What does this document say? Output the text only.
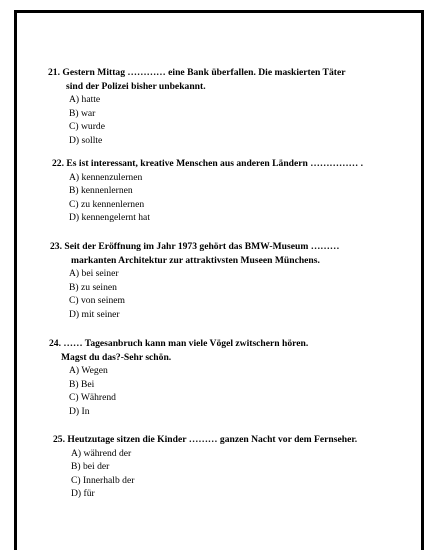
21. Gestern Mittag ………… eine Bank überfallen. Die maskierten Täter
sind der Polizei bisher unbekannt.
A) hatte
B) war
C) wurde
D) sollte
22. Es ist interessant, kreative Menschen aus anderen Ländern …………… .
A) kennenzulernen
B) kennenlernen
C) zu kennenlernen
D) kennengelernt hat
23. Seit der Eröffnung im Jahr 1973 gehört das BMW-Museum ………
markanten Architektur zur attraktivsten Museen Münchens.
A) bei seiner
B) zu seinen
C) von seinem
D) mit seiner
24. …… Tagesanbruch kann man viele Vögel zwitschern hören.
Magst du das?-Sehr schön.
A) Wegen
B) Bei
C) Während
D) In
25. Heutzutage sitzen die Kinder ……… ganzen Nacht vor dem Fernseher.
A) während der
B) bei der
C) Innerhalb der
D) für
